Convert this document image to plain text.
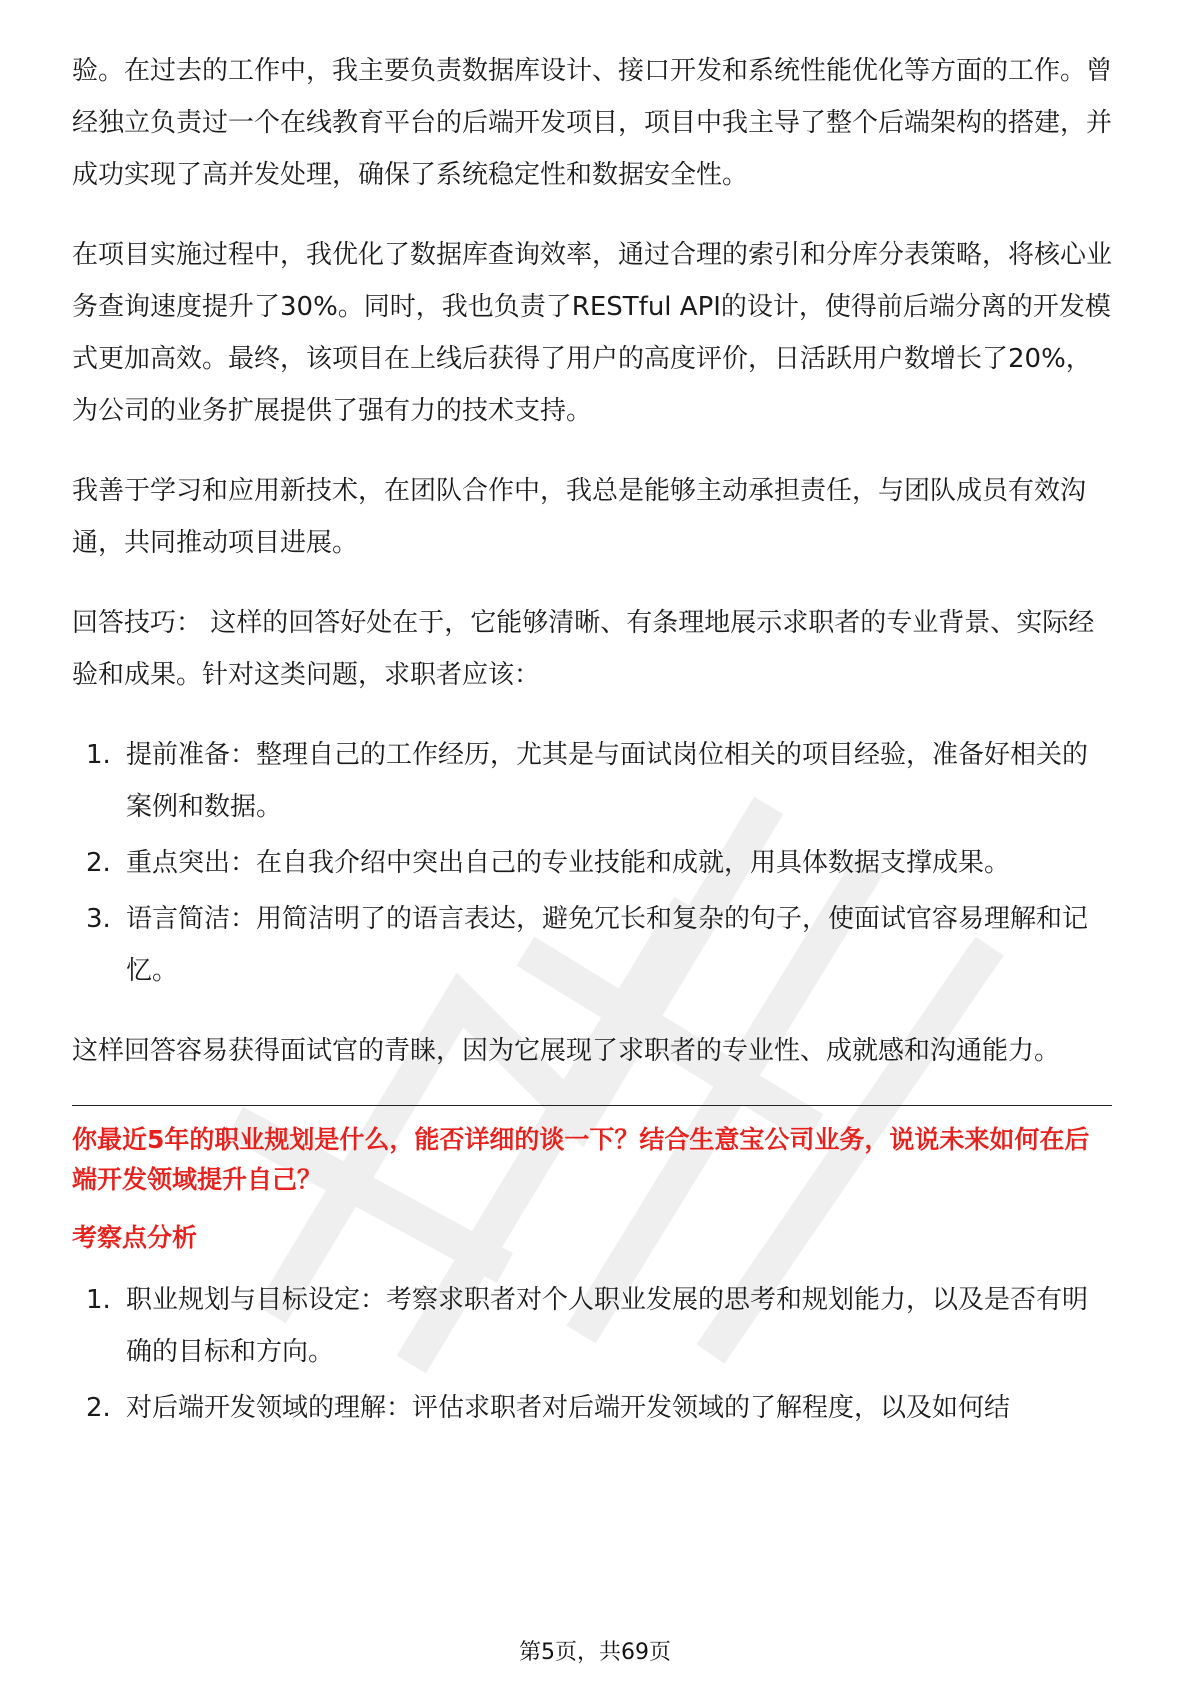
验。在过去的工作中，我主要负责数据库设计、接口开发和系统性能优化等方面的工作。曾经独立负责过一个在线教育平台的后端开发项目，项目中我主导了整个后端架构的搭建，并成功实现了高并发处理，确保了系统稳定性和数据安全性。

在项目实施过程中，我优化了数据库查询效率，通过合理的索引和分库分表策略，将核心业务查询速度提升了30%。同时，我也负责了RESTful API的设计，使得前后端分离的开发模式更加高效。最终，该项目在上线后获得了用户的高度评价，日活跃用户数增长了20%，为公司的业务扩展提供了强有力的技术支持。

我善于学习和应用新技术，在团队合作中，我总是能够主动承担责任，与团队成员有效沟通，共同推动项目进展。

回答技巧： 这样的回答好处在于，它能够清晰、有条理地展示求职者的专业背景、实际经验和成果。针对这类问题，求职者应该：

1. 提前准备：整理自己的工作经历，尤其是与面试岗位相关的项目经验，准备好相关的案例和数据。
2. 重点突出：在自我介绍中突出自己的专业技能和成就，用具体数据支撑成果。
3. 语言简洁：用简洁明了的语言表达，避免冗长和复杂的句子，使面试官容易理解和记忆。

这样回答容易获得面试官的青睐，因为它展现了求职者的专业性、成就感和沟通能力。

你最近5年的职业规划是什么，能否详细的谈一下？结合生意宝公司业务，说说未来如何在后端开发领域提升自己？

考察点分析

1. 职业规划与目标设定：考察求职者对个人职业发展的思考和规划能力，以及是否有明确的目标和方向。
2. 对后端开发领域的理解：评估求职者对后端开发领域的了解程度，以及如何结
第5页，共69页
